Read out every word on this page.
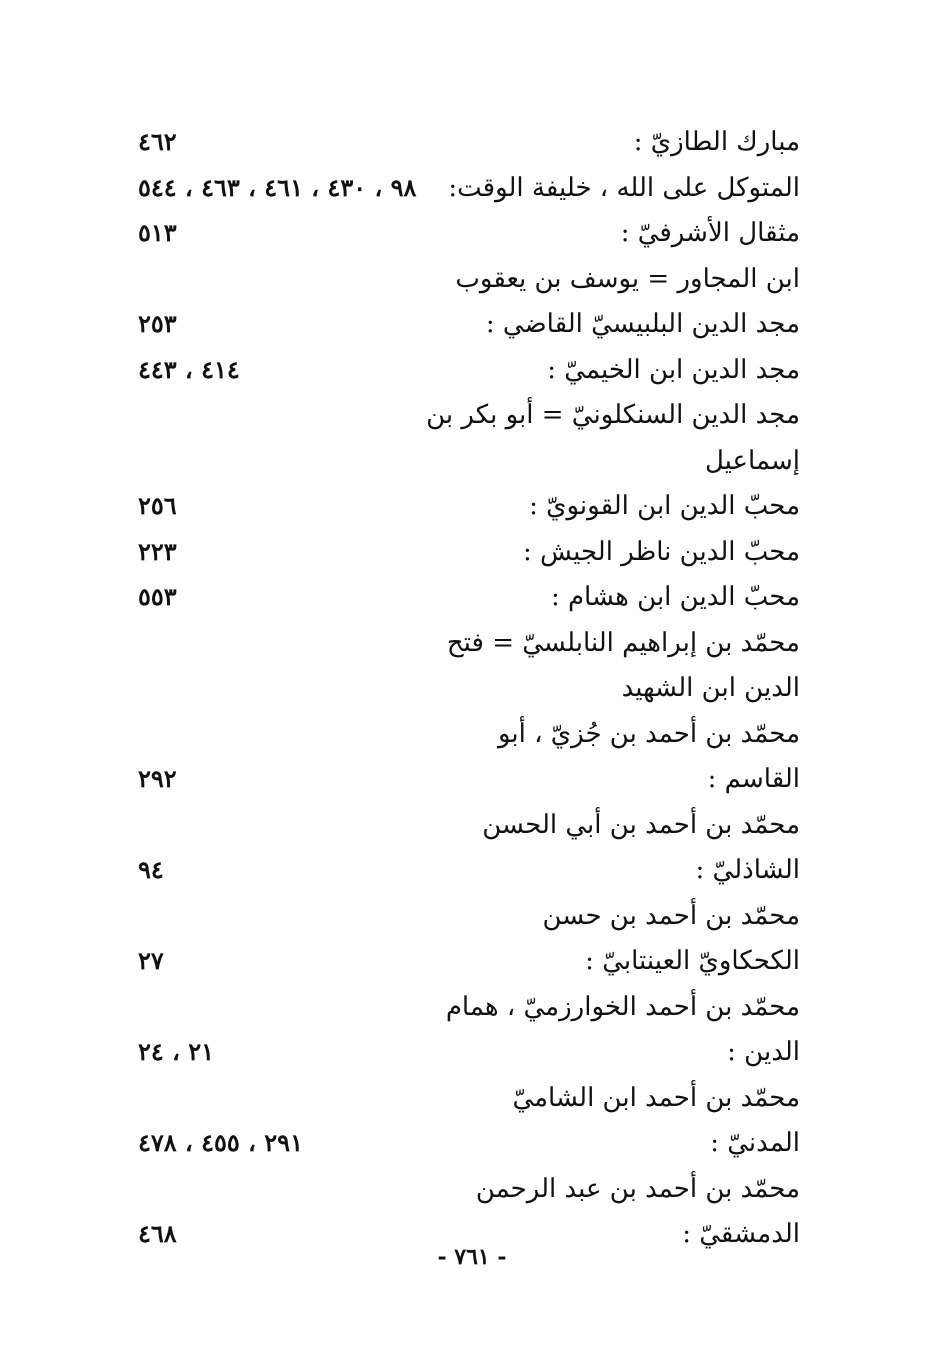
مبارك الطازيّ :
٤٦٢
المتوكل على الله ، خليفة الوقت:
٩٨ ، ٤٣٠ ، ٤٦١ ، ٤٦٣ ، ٥٤٤
مثقال الأشرفيّ :
٥١٣
ابن المجاور = يوسف بن يعقوب
مجد الدين البلبيسيّ القاضي :
٢٥٣
مجد الدين ابن الخيميّ :
٤١٤ ، ٤٤٣
مجد الدين السنكلونيّ = أبو بكر بن
إسماعيل
محبّ الدين ابن القونويّ :
٢٥٦
محبّ الدين ناظر الجيش :
٢٢٣
محبّ الدين ابن هشام :
٥٥٣
محمّد بن إبراهيم النابلسيّ = فتح
الدين ابن الشهيد
محمّد بن أحمد بن جُزيّ ، أبو
القاسم :
٢٩٢
محمّد بن أحمد بن أبي الحسن
الشاذليّ :
٩٤
محمّد بن أحمد بن حسن
الكحكاويّ العينتابيّ :
٢٧
محمّد بن أحمد الخوارزميّ ، همام
الدين :
٢١ ، ٢٤
محمّد بن أحمد ابن الشاميّ
المدنيّ :
٢٩١ ، ٤٥٥ ، ٤٧٨
محمّد بن أحمد بن عبد الرحمن
الدمشقيّ :
٤٦٨
- ٧٦١ -
